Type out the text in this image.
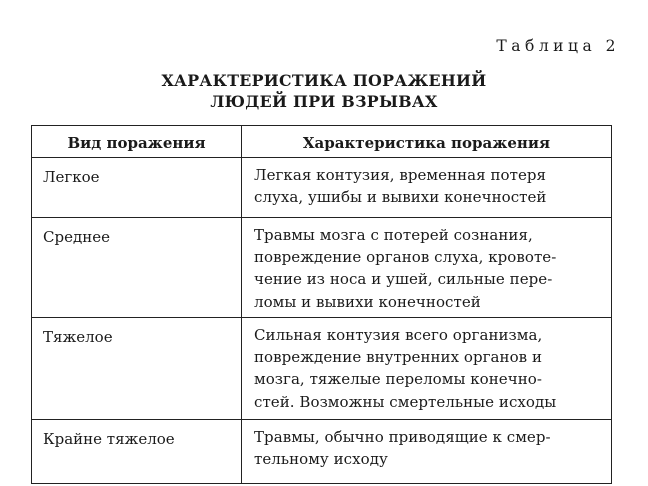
Таблица 2
ХАРАКТЕРИСТИКА ПОРАЖЕНИЙ
ЛЮДЕЙ ПРИ ВЗРЫВАХ
Вид поражения	Характеристика поражения
Легкое	Легкая контузия, временная потеря
слуха, ушибы и вывихи конечностей

Среднее	Травмы мозга с потерей сознания,
повреждение органов слуха, кровоте-
чение из носа и ушей, сильные пере-
ломы и вывихи конечностей

Тяжелое	Сильная контузия всего организма,
повреждение внутренних органов и
мозга, тяжелые переломы конечно-
стей. Возможны смертельные исходы

Крайне тяжелое	Травмы, обычно приводящие к смер-
тельному исходу
